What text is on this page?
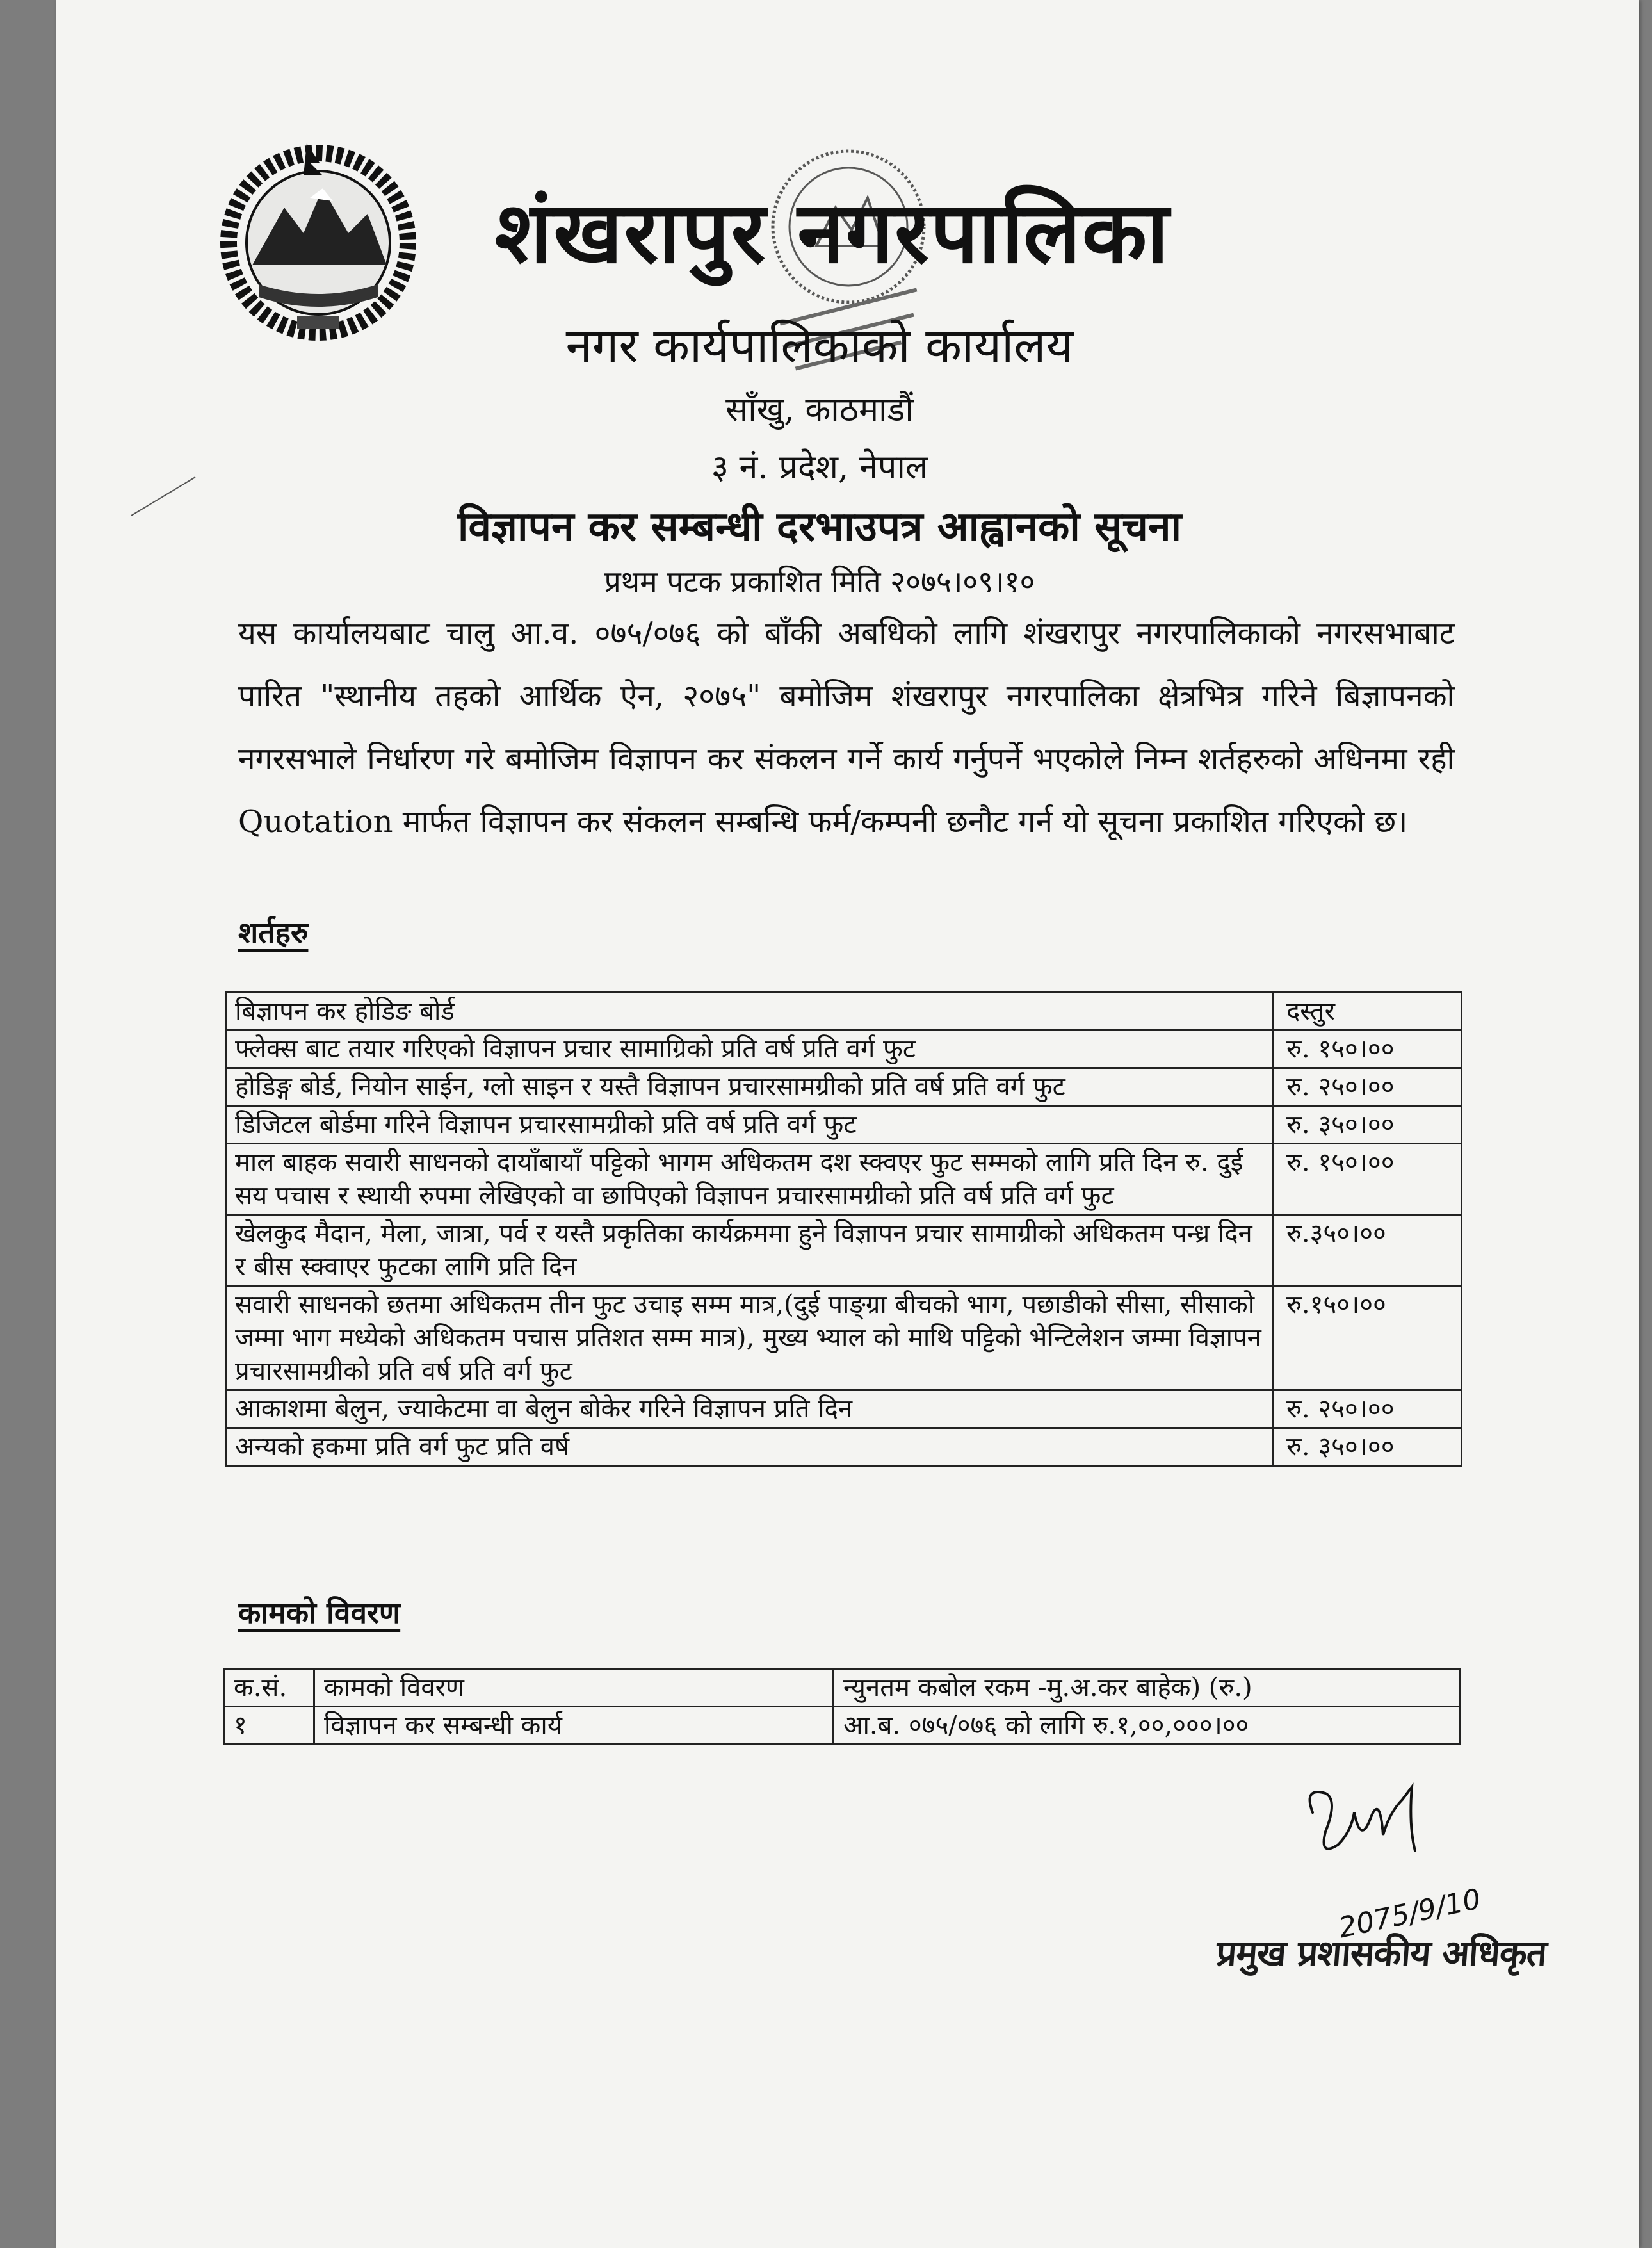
शंखरापुर नगरपालिका
नगर कार्यपालिकाको कार्यालय
साँखु, काठमाडौं
३ नं. प्रदेश, नेपाल
विज्ञापन कर सम्बन्धी दरभाउपत्र आह्वानको सूचना
प्रथम पटक प्रकाशित मिति २०७५।०९।१०
यस कार्यालयबाट चालु आ.व. ०७५/०७६ को बाँकी अबधिको लागि शंखरापुर नगरपालिकाको नगरसभाबाट पारित "स्थानीय तहको आर्थिक ऐन, २०७५" बमोजिम शंखरापुर नगरपालिका क्षेत्रभित्र गरिने बिज्ञापनको नगरसभाले निर्धारण गरे बमोजिम विज्ञापन कर संकलन गर्ने कार्य गर्नुपर्ने भएकोले निम्न शर्तहरुको अधिनमा रही Quotation मार्फत विज्ञापन कर संकलन सम्बन्धि फर्म/कम्पनी छनौट गर्न यो सूचना प्रकाशित गरिएको छ।
शर्तहरु
बिज्ञापन कर होडिङ बोर्ड	दस्तुर
फ्लेक्स बाट तयार गरिएको विज्ञापन प्रचार सामाग्रिको प्रति वर्ष प्रति वर्ग फुट	रु. १५०।००
होडिङ्ग बोर्ड, नियोन साईन, ग्लो साइन र यस्तै विज्ञापन प्रचारसामग्रीको प्रति वर्ष प्रति वर्ग फुट	रु. २५०।००
डिजिटल बोर्डमा गरिने विज्ञापन प्रचारसामग्रीको प्रति वर्ष प्रति वर्ग फुट	रु. ३५०।००
माल बाहक सवारी साधनको दायाँबायाँ पट्टिको भागम अधिकतम दश स्क्वएर फुट सम्मको लागि प्रति दिन रु. दुई सय पचास र स्थायी रुपमा लेखिएको वा छापिएको विज्ञापन प्रचारसामग्रीको प्रति वर्ष प्रति वर्ग फुट	रु. १५०।००
खेलकुद मैदान, मेला, जात्रा, पर्व र यस्तै प्रकृतिका कार्यक्रममा हुने विज्ञापन प्रचार सामाग्रीको अधिकतम पन्ध्र दिन र बीस स्क्वाएर फुटका लागि प्रति दिन	रु.३५०।००
सवारी साधनको छतमा अधिकतम तीन फुट उचाइ सम्म मात्र,(दुई पाङ्ग्रा बीचको भाग, पछाडीको सीसा, सीसाको जम्मा भाग मध्येको अधिकतम पचास प्रतिशत सम्म मात्र), मुख्य भ्याल को माथि पट्टिको भेन्टिलेशन जम्मा विज्ञापन प्रचारसामग्रीको प्रति वर्ष प्रति वर्ग फुट	रु.१५०।००
आकाशमा बेलुन, ज्याकेटमा वा बेलुन बोकेर गरिने विज्ञापन प्रति दिन	रु. २५०।००
अन्यको हकमा प्रति वर्ग फुट प्रति वर्ष	रु. ३५०।००
कामको विवरण
क.सं.	कामको विवरण	न्युनतम कबोल रकम -मु.अ.कर बाहेक) (रु.)
१	विज्ञापन कर सम्बन्धी कार्य	आ.ब. ०७५/०७६ को लागि रु.१,००,०००।००
2075/9/10
प्रमुख प्रशासकीय अधिकृत
